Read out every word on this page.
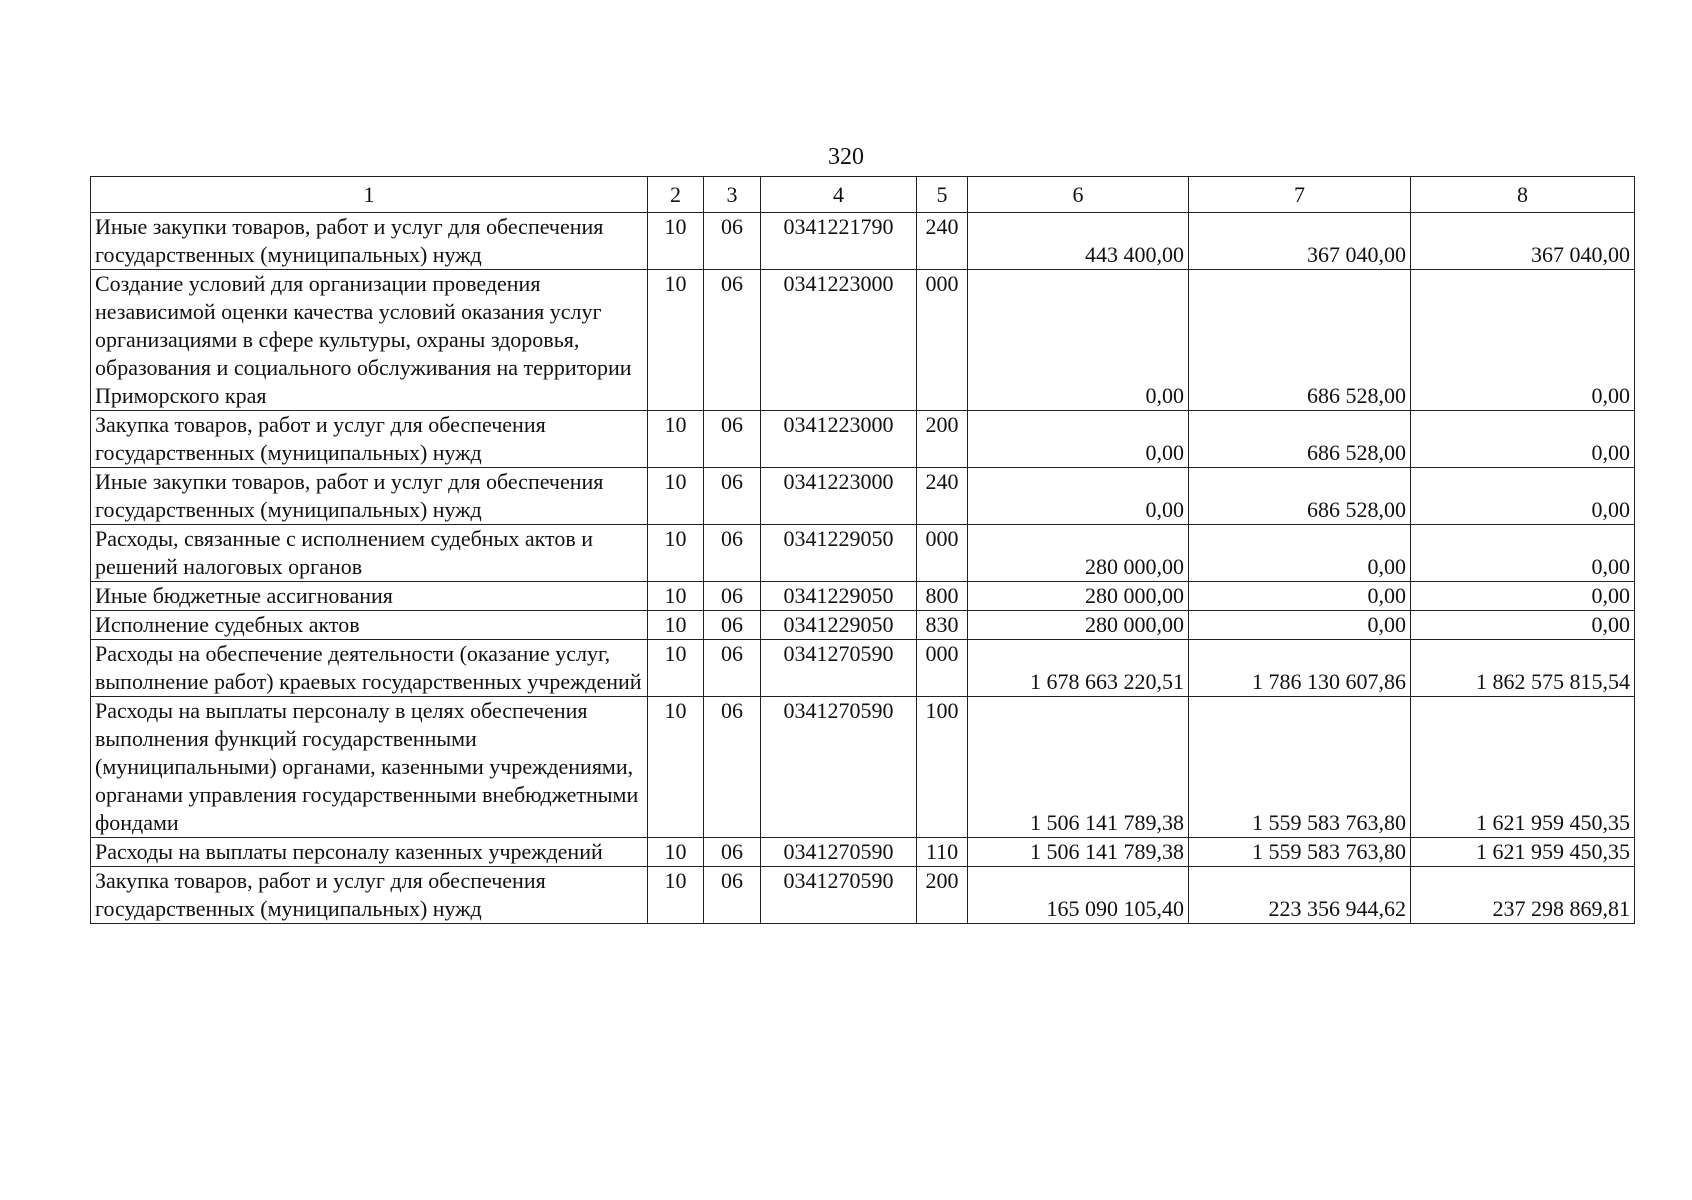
320
1	2	3	4	5	6	7	8
Иные закупки товаров, работ и услуг для обеспечения государственных (муниципальных) нужд	10	06	0341221790	240	443 400,00	367 040,00	367 040,00
Создание условий для организации проведения независимой оценки качества условий оказания услуг организациями в сфере культуры, охраны здоровья, образования и социального обслуживания на территории Приморского края	10	06	0341223000	000	0,00	686 528,00	0,00
Закупка товаров, работ и услуг для обеспечения государственных (муниципальных) нужд	10	06	0341223000	200	0,00	686 528,00	0,00
Иные закупки товаров, работ и услуг для обеспечения государственных (муниципальных) нужд	10	06	0341223000	240	0,00	686 528,00	0,00
Расходы, связанные с исполнением судебных актов и решений налоговых органов	10	06	0341229050	000	280 000,00	0,00	0,00
Иные бюджетные ассигнования	10	06	0341229050	800	280 000,00	0,00	0,00
Исполнение судебных актов	10	06	0341229050	830	280 000,00	0,00	0,00
Расходы на обеспечение деятельности (оказание услуг, выполнение работ) краевых государственных учреждений	10	06	0341270590	000	1 678 663 220,51	1 786 130 607,86	1 862 575 815,54
Расходы на выплаты персоналу в целях обеспечения выполнения функций государственными (муниципальными) органами, казенными учреждениями, органами управления государственными внебюджетными фондами	10	06	0341270590	100	1 506 141 789,38	1 559 583 763,80	1 621 959 450,35
Расходы на выплаты персоналу казенных учреждений	10	06	0341270590	110	1 506 141 789,38	1 559 583 763,80	1 621 959 450,35
Закупка товаров, работ и услуг для обеспечения государственных (муниципальных) нужд	10	06	0341270590	200	165 090 105,40	223 356 944,62	237 298 869,81
